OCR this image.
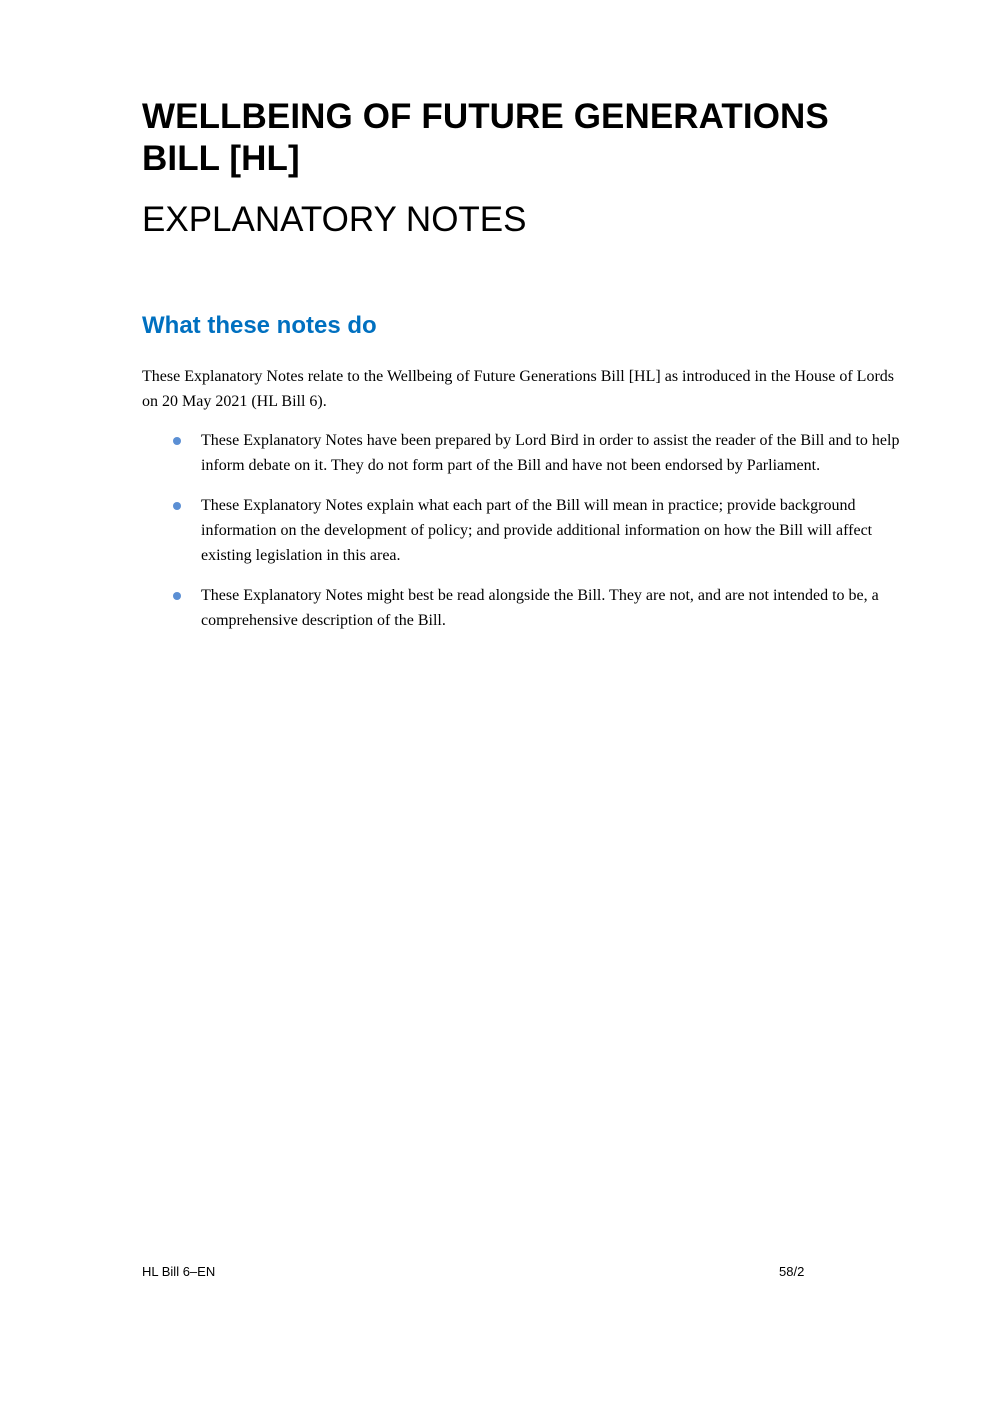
WELLBEING OF FUTURE GENERATIONS BILL [HL]
EXPLANATORY NOTES
What these notes do

These Explanatory Notes relate to the Wellbeing of Future Generations Bill [HL] as introduced in the House of Lords on 20 May 2021 (HL Bill 6).

These Explanatory Notes have been prepared by Lord Bird in order to assist the reader of the Bill and to help inform debate on it. They do not form part of the Bill and have not been endorsed by Parliament.
These Explanatory Notes explain what each part of the Bill will mean in practice; provide background information on the development of policy; and provide additional information on how the Bill will affect existing legislation in this area.
These Explanatory Notes might best be read alongside the Bill. They are not, and are not intended to be, a comprehensive description of the Bill.
HL Bill 6–EN	58/2
